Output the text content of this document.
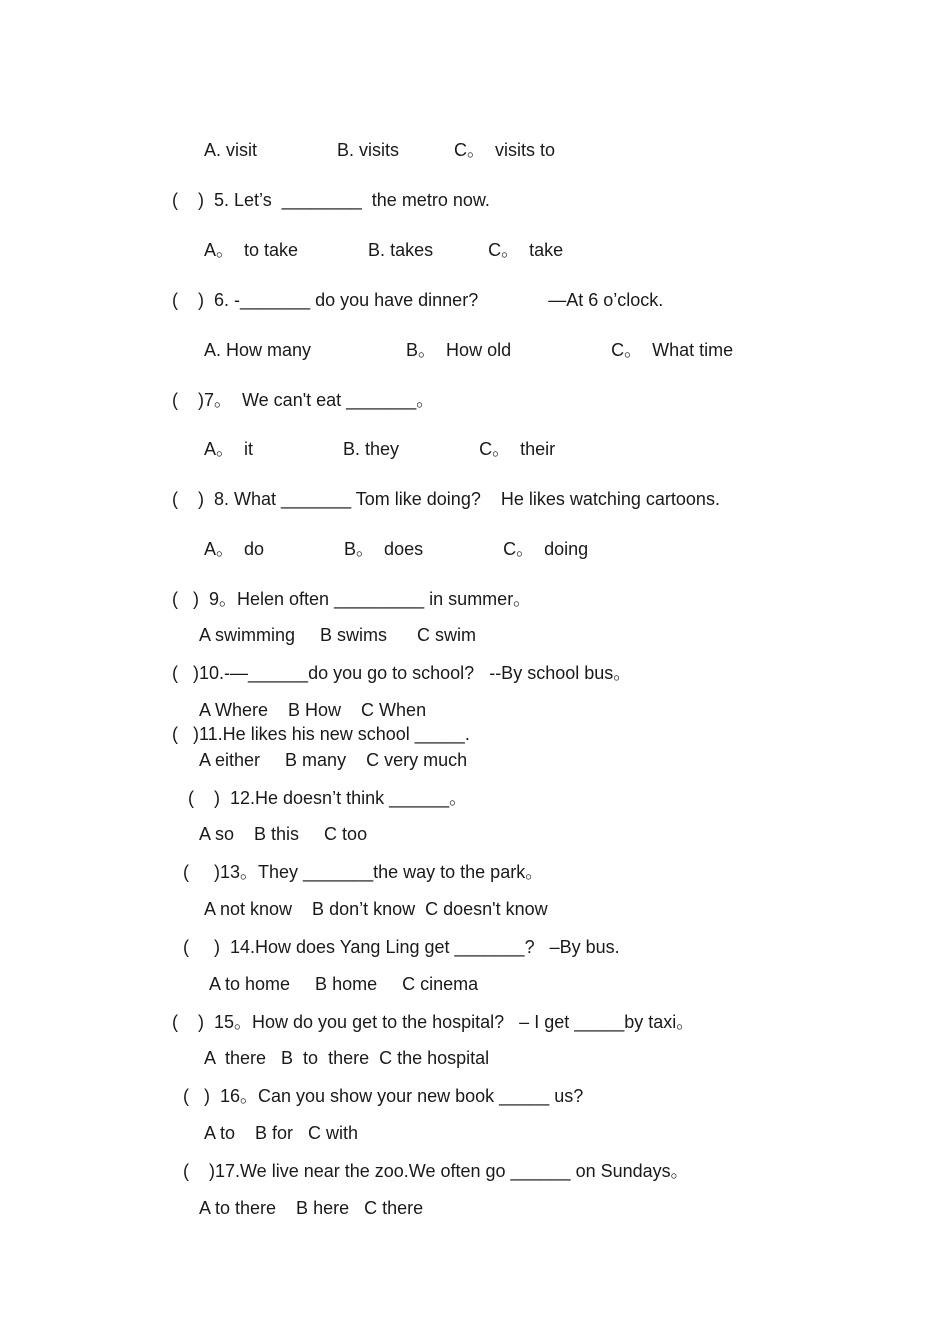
A. visit                B. visits           C。  visits to
(    )  5. Let’s  ________  the metro now.
A。  to take              B. takes           C。  take
(    )  6. -_______ do you have dinner?              —At 6 o’clock.
A. How many                   B。  How old                    C。  What time
(    )7。  We can't eat _______。
A。  it                  B. they                C。  their
(    )  8. What _______ Tom like doing?    He likes watching cartoons.
A。  do                B。  does                C。  doing
(   )  9。Helen often _________ in summer。
A swimming     B swims      C swim
(   )10.-—______do you go to school?   --By school bus。
A Where    B How    C When
(   )11.He likes his new school _____.
A either     B many    C very much
(    )  12.He doesn’t think ______。
A so    B this     C too
(     )13。They _______the way to the park。
A not know    B don’t know  C doesn't know
(     )  14.How does Yang Ling get _______?   –By bus.
A to home     B home     C cinema
(    )  15。How do you get to the hospital?   – I get _____by taxi。
A  there   B  to  there  C the hospital
(   )  16。Can you show your new book _____ us?
A to    B for   C with
(    )17.We live near the zoo.We often go ______ on Sundays。
A to there    B here   C there
